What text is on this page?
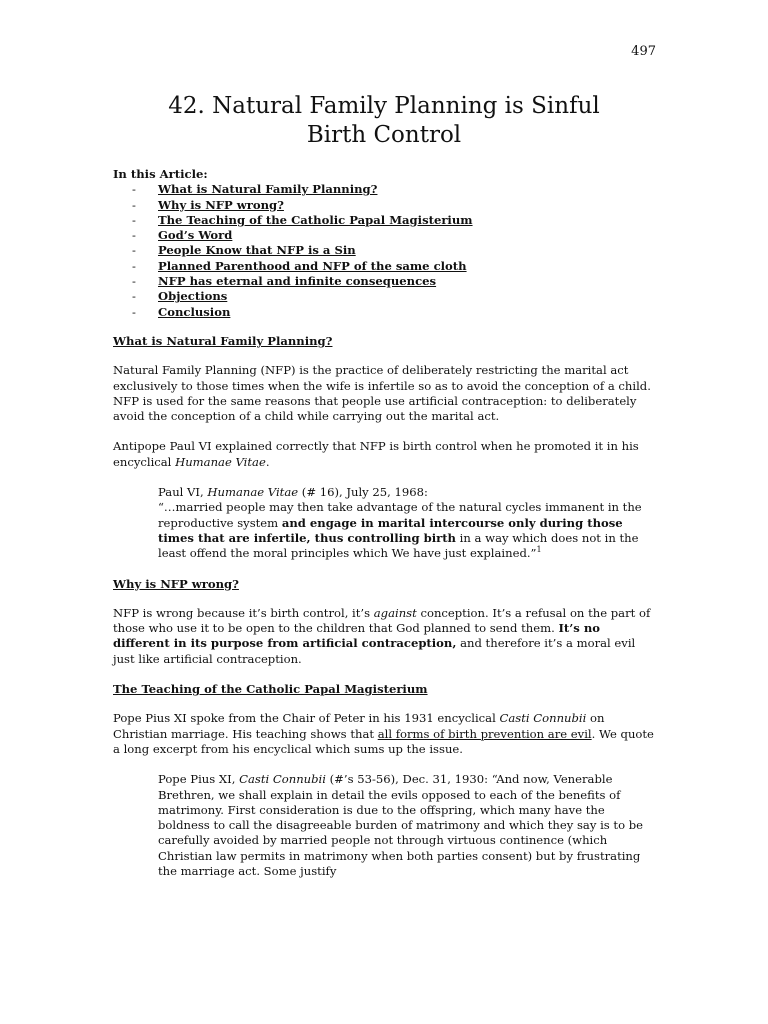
497
42. Natural Family Planning is Sinful
Birth Control
In this Article:
-	What is Natural Family Planning?
-	Why is NFP wrong?
-	The Teaching of the Catholic Papal Magisterium
-	God’s Word
-	People Know that NFP is a Sin
-	Planned Parenthood and NFP of the same cloth
-	NFP has eternal and infinite consequences
-	Objections
-	Conclusion
What is Natural Family Planning?

Natural Family Planning (NFP) is the practice of deliberately restricting the marital act exclusively to those times when the wife is infertile so as to avoid the conception of a child. NFP is used for the same reasons that people use artificial contraception: to deliberately avoid the conception of a child while carrying out the marital act.

Antipope Paul VI explained correctly that NFP is birth control when he promoted it in his encyclical Humanae Vitae.

Paul VI, Humanae Vitae (# 16), July 25, 1968:
“…married people may then take advantage of the natural cycles immanent in the reproductive system and engage in marital intercourse only during those times that are infertile, thus controlling birth in a way which does not in the least offend the moral principles which We have just explained.”$^1$
Why is NFP wrong?

NFP is wrong because it’s birth control, it’s against conception. It’s a refusal on the part of those who use it to be open to the children that God planned to send them. It’s no different in its purpose from artificial contraception, and therefore it’s a moral evil just like artificial contraception.

The Teaching of the Catholic Papal Magisterium

Pope Pius XI spoke from the Chair of Peter in his 1931 encyclical Casti Connubii on Christian marriage. His teaching shows that all forms of birth prevention are evil. We quote a long excerpt from his encyclical which sums up the issue.

Pope Pius XI, Casti Connubii (#’s 53-56), Dec. 31, 1930: “And now, Venerable Brethren, we shall explain in detail the evils opposed to each of the benefits of matrimony. First consideration is due to the offspring, which many have the boldness to call the disagreeable burden of matrimony and which they say is to be carefully avoided by married people not through virtuous continence (which Christian law permits in matrimony when both parties consent) but by frustrating the marriage act. Some justify
